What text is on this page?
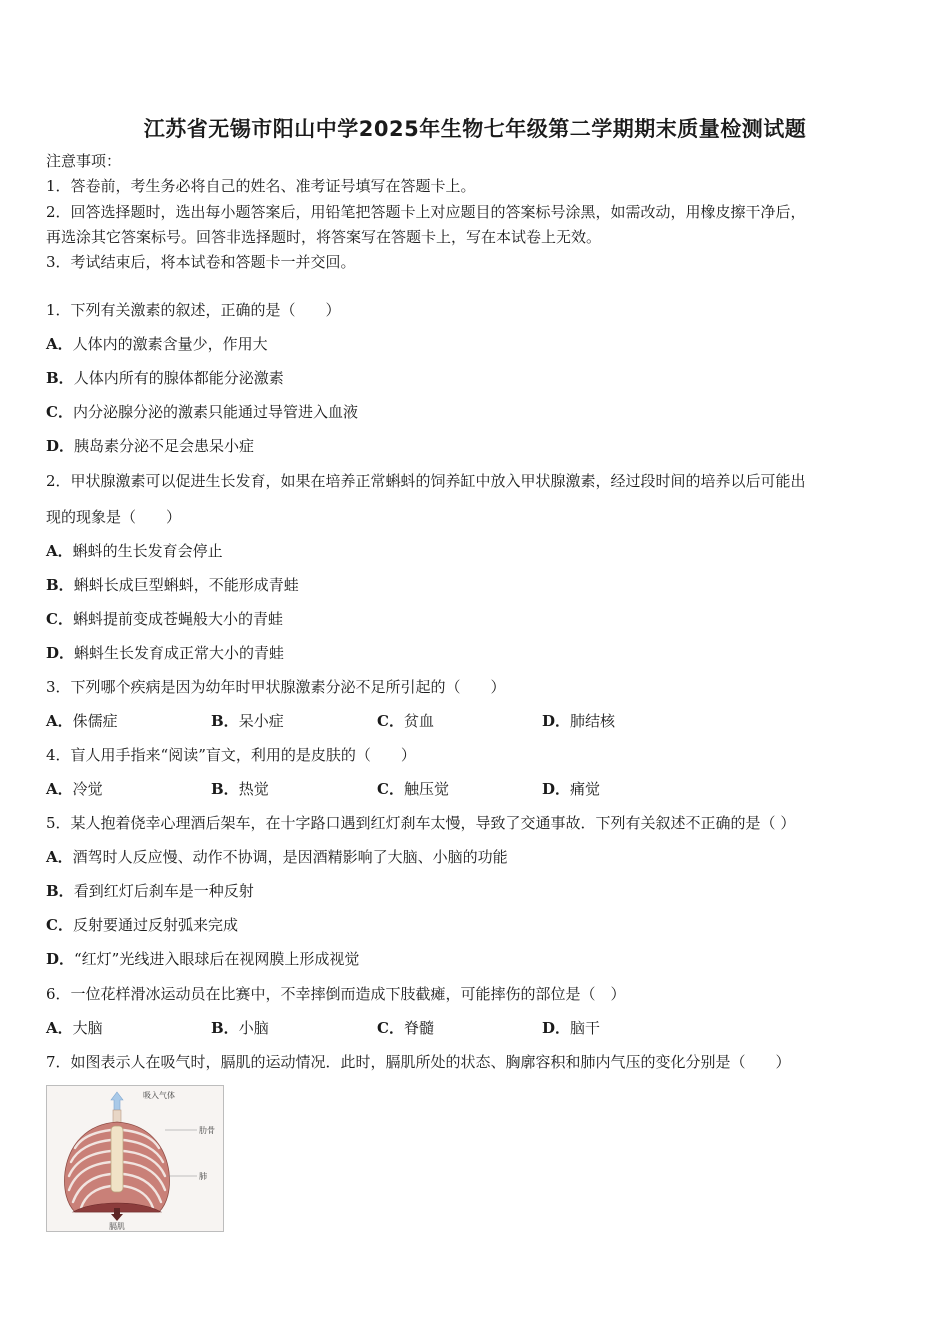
江苏省无锡市阳山中学2025年生物七年级第二学期期末质量检测试题
注意事项：
1．答卷前，考生务必将自己的姓名、准考证号填写在答题卡上。
2．回答选择题时，选出每小题答案后，用铅笔把答题卡上对应题目的答案标号涂黑，如需改动，用橡皮擦干净后，
再选涂其它答案标号。回答非选择题时，将答案写在答题卡上，写在本试卷上无效。
3．考试结束后，将本试卷和答题卡一并交回。
1．下列有关激素的叙述，正确的是（　　）
A．人体内的激素含量少，作用大
B．人体内所有的腺体都能分泌激素
C．内分泌腺分泌的激素只能通过导管进入血液
D．胰岛素分泌不足会患呆小症
2．甲状腺激素可以促进生长发育，如果在培养正常蝌蚪的饲养缸中放入甲状腺激素，经过段时间的培养以后可能出
现的现象是（　　）
A．蝌蚪的生长发育会停止
B．蝌蚪长成巨型蝌蚪，不能形成青蛙
C．蝌蚪提前变成苍蝇般大小的青蛙
D．蝌蚪生长发育成正常大小的青蛙
3．下列哪个疾病是因为幼年时甲状腺激素分泌不足所引起的（　　）
A．侏儒症	B．呆小症	C．贫血	D．肺结核
4．盲人用手指来“阅读”盲文，利用的是皮肤的（　　）
A．冷觉	B．热觉	C．触压觉	D．痛觉
5．某人抱着侥幸心理酒后架车，在十字路口遇到红灯刹车太慢，导致了交通事故．下列有关叙述不正确的是（ ）
A．酒驾时人反应慢、动作不协调，是因酒精影响了大脑、小脑的功能
B．看到红灯后刹车是一种反射
C．反射要通过反射弧来完成
D．“红灯”光线进入眼球后在视网膜上形成视觉
6．一位花样滑冰运动员在比赛中，不幸摔倒而造成下肢截瘫，可能摔伤的部位是（　）
A．大脑	B．小脑	C．脊髓	D．脑干
7．如图表示人在吸气时，膈肌的运动情况．此时，膈肌所处的状态、胸廓容积和肺内气压的变化分别是（　　）
吸入气体
肋骨
肺
膈肌
